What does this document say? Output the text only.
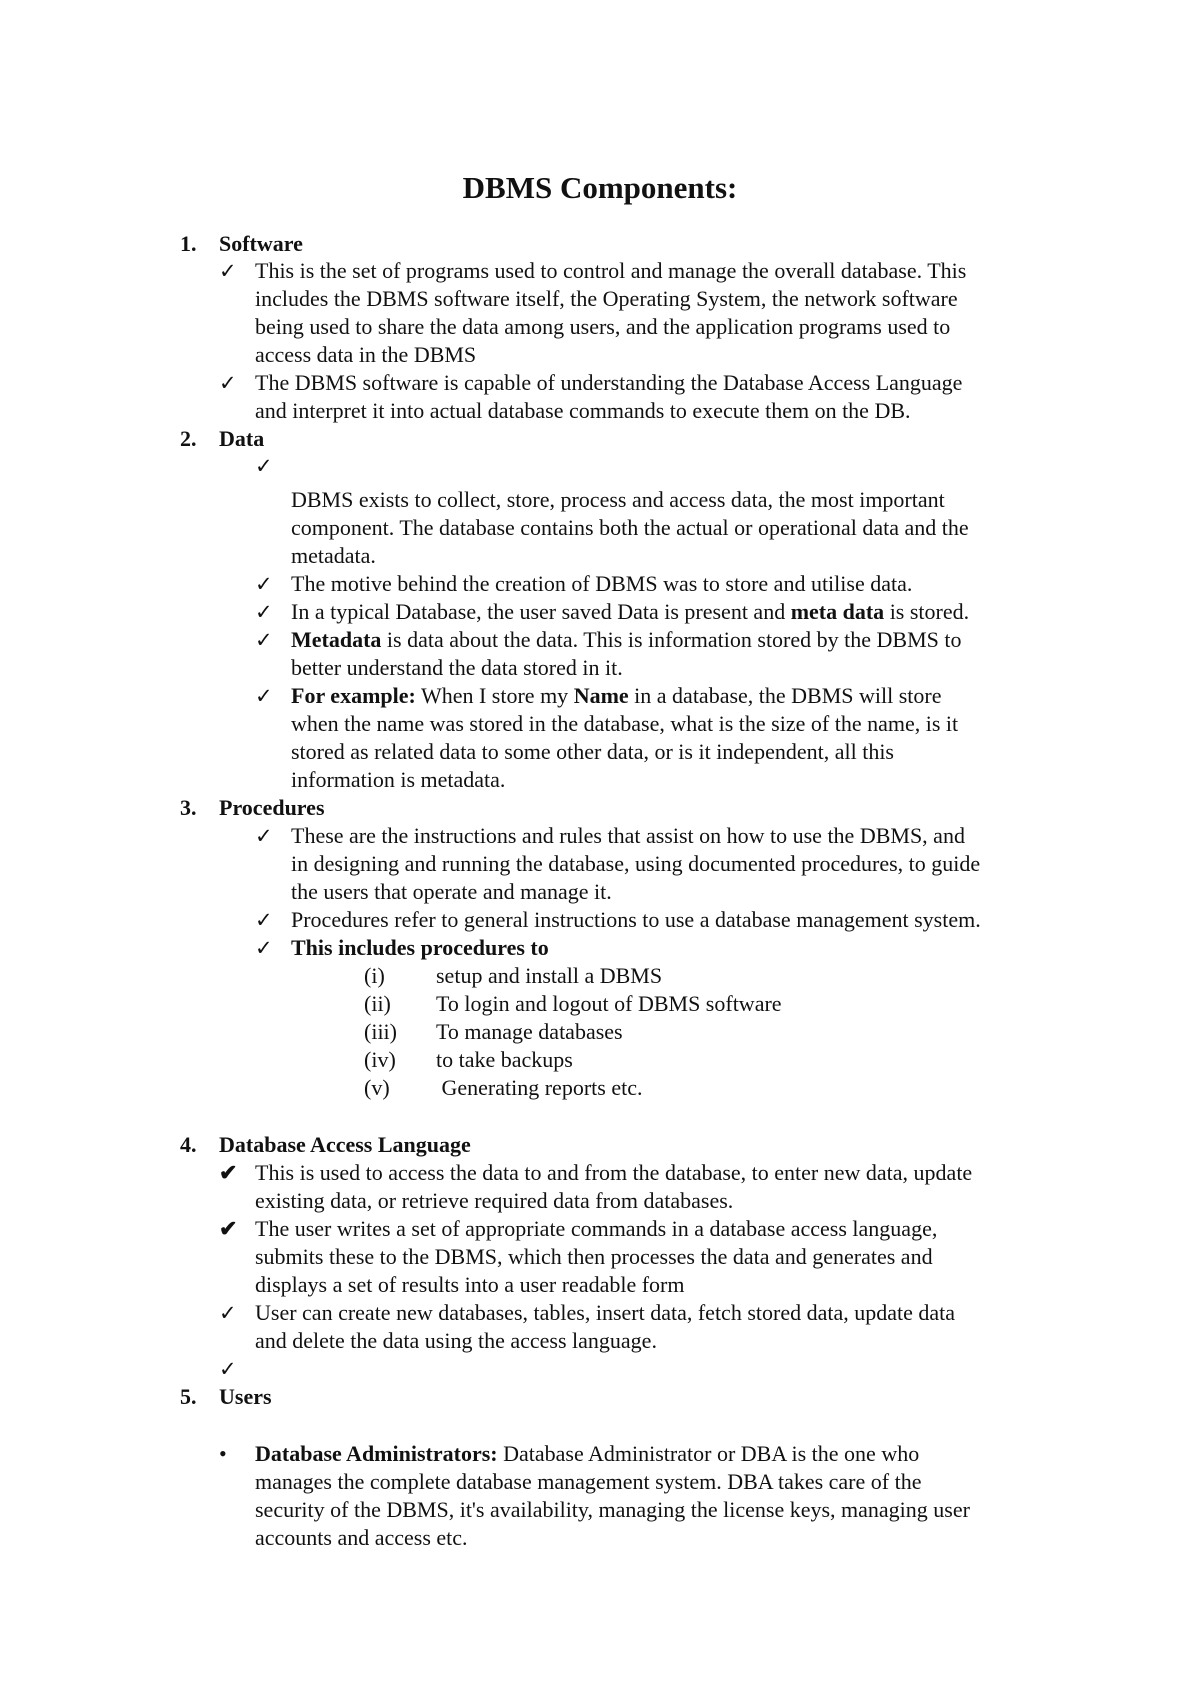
DBMS Components:
1. Software
✓ This is the set of programs used to control and manage the overall database. This

includes the DBMS software itself, the Operating System, the network software

being used to share the data among users, and the application programs used to

access data in the DBMS

✓ The DBMS software is capable of understanding the Database Access Language

and interpret it into actual database commands to execute them on the DB.

2. Data
✓

DBMS exists to collect, store, process and access data, the most important

component. The database contains both the actual or operational data and the

metadata.

✓ The motive behind the creation of DBMS was to store and utilise data.

✓ In a typical Database, the user saved Data is present and meta data is stored.

✓ Metadata is data about the data. This is information stored by the DBMS to

better understand the data stored in it.

✓ For example: When I store my Name in a database, the DBMS will store

when the name was stored in the database, what is the size of the name, is it

stored as related data to some other data, or is it independent, all this

information is metadata.

3. Procedures
✓ These are the instructions and rules that assist on how to use the DBMS, and

in designing and running the database, using documented procedures, to guide

the users that operate and manage it.

✓ Procedures refer to general instructions to use a database management system.

✓ This includes procedures to

(i) setup and install a DBMS
(ii) To login and logout of DBMS software
(iii) To manage databases
(iv) to take backups
(v) Generating reports etc.
4. Database Access Language
✔ This is used to access the data to and from the database, to enter new data, update

existing data, or retrieve required data from databases.

✔ The user writes a set of appropriate commands in a database access language,

submits these to the DBMS, which then processes the data and generates and

displays a set of results into a user readable form

✓ User can create new databases, tables, insert data, fetch stored data, update data

and delete the data using the access language.

✓
5. Users
• Database Administrators: Database Administrator or DBA is the one who

manages the complete database management system. DBA takes care of the

security of the DBMS, it's availability, managing the license keys, managing user

accounts and access etc.
